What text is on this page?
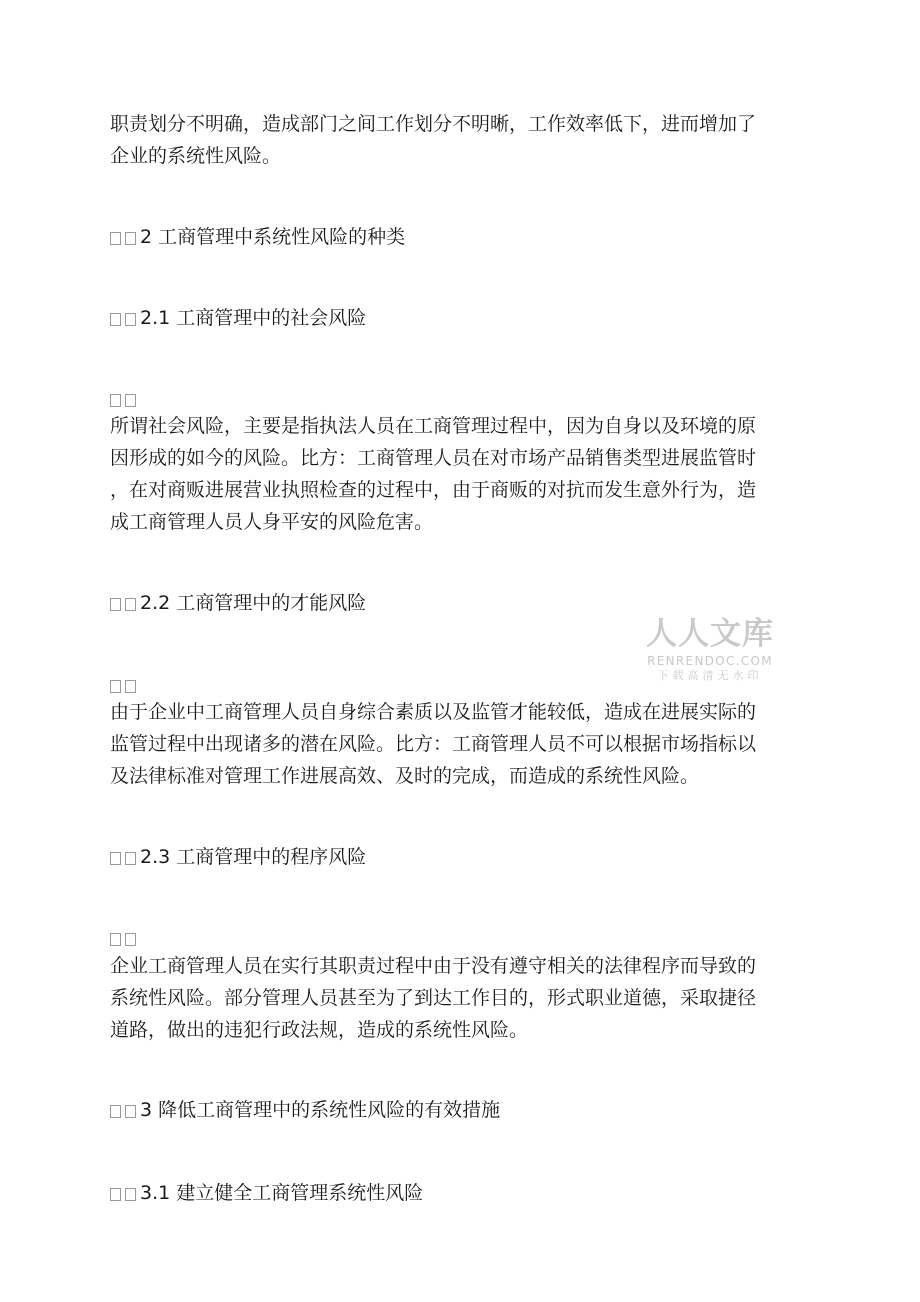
职责划分不明确，造成部门之间工作划分不明晰，工作效率低下，进而增加了
企业的系统性风险。

2 工商管理中系统性风险的种类

2.1 工商管理中的社会风险

所谓社会风险，主要是指执法人员在工商管理过程中，因为自身以及环境的原
因形成的如今的风险。比方：工商管理人员在对市场产品销售类型进展监管时
，在对商贩进展营业执照检查的过程中，由于商贩的对抗而发生意外行为，造
成工商管理人员人身平安的风险危害。

2.2 工商管理中的才能风险

人人文库
RENRENDOC.COM
下载高清无水印

由于企业中工商管理人员自身综合素质以及监管才能较低，造成在进展实际的
监管过程中出现诸多的潜在风险。比方：工商管理人员不可以根据市场指标以
及法律标准对管理工作进展高效、及时的完成，而造成的系统性风险。

2.3 工商管理中的程序风险

企业工商管理人员在实行其职责过程中由于没有遵守相关的法律程序而导致的
系统性风险。部分管理人员甚至为了到达工作目的，形式职业道德，采取捷径
道路，做出的违犯行政法规，造成的系统性风险。

3 降低工商管理中的系统性风险的有效措施

3.1 建立健全工商管理系统性风险
